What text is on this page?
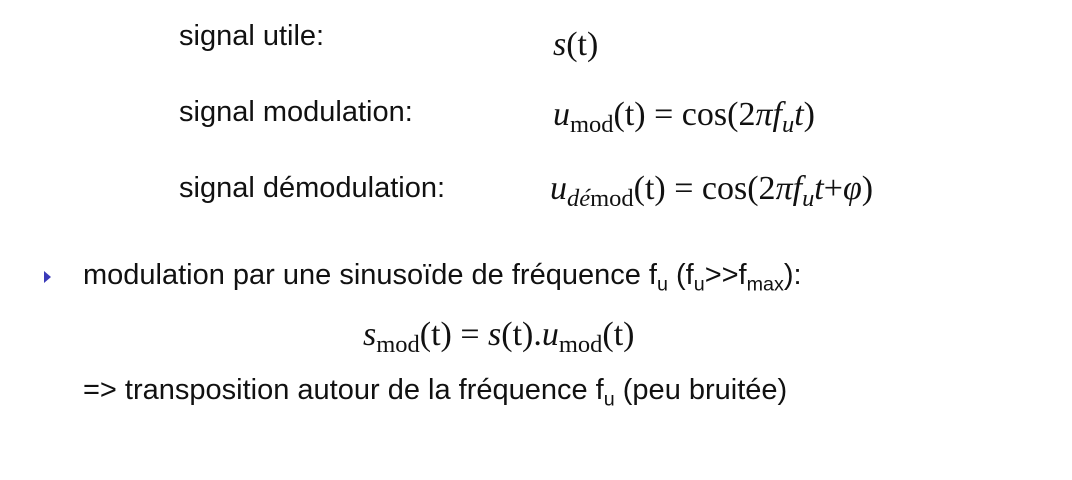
signal utile:	s(t)
signal modulation:	$u_{mod}(t) = \cos(2\pi f_ut)$
signal démodulation:	$u_{démod}(t) = \cos(2\pi f_ut+\varphi)$
modulation par une sinusoïde de fréquence $f_u$ $(f_u>>f_{max})$:
$s_{mod}(t) = s(t).u_{mod}(t)$
=> transposition autour de la fréquence $f_u$ (peu bruitée)
